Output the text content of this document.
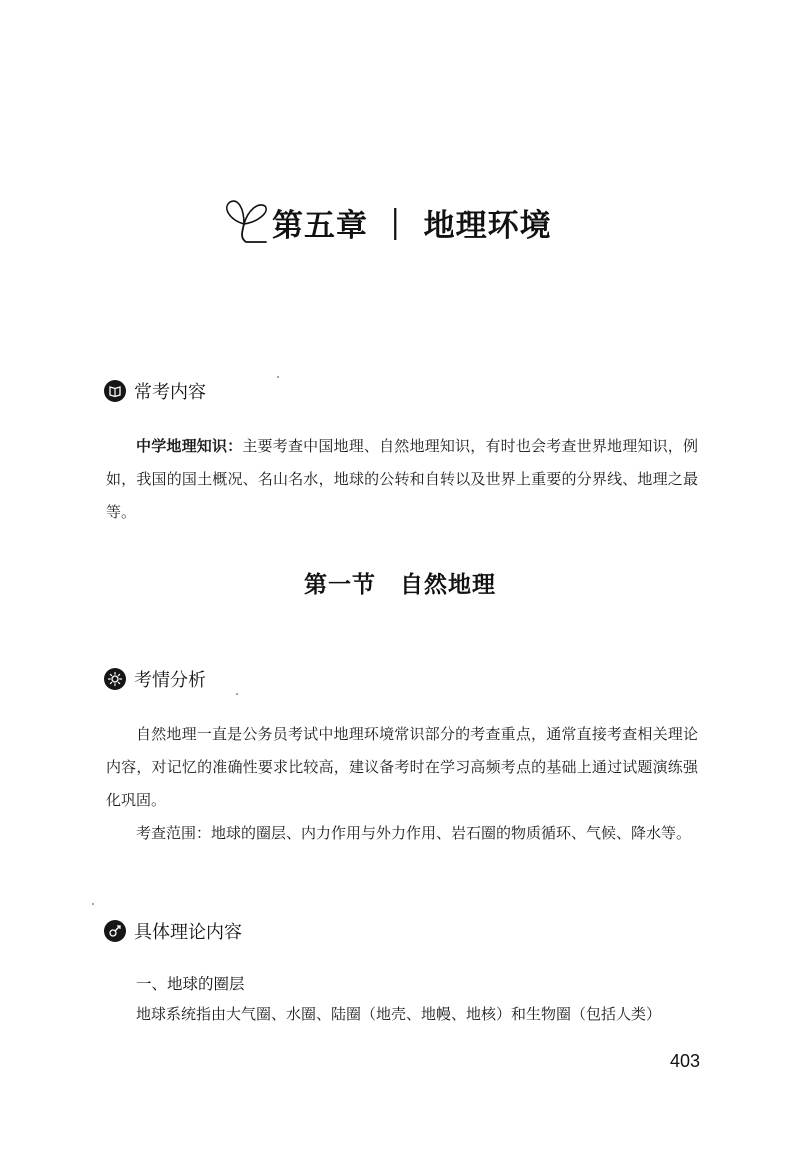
第五章 ｜ 地理环境
常考内容

中学地理知识：主要考查中国地理、自然地理知识，有时也会考查世界地理知识，例如，我国的国土概况、名山名水，地球的公转和自转以及世界上重要的分界线、地理之最等。

第一节　自然地理
考情分析

自然地理一直是公务员考试中地理环境常识部分的考查重点，通常直接考查相关理论内容，对记忆的准确性要求比较高，建议备考时在学习高频考点的基础上通过试题演练强化巩固。

考查范围：地球的圈层、内力作用与外力作用、岩石圈的物质循环、气候、降水等。

具体理论内容
一、地球的圈层

地球系统指由大气圈、水圈、陆圈（地壳、地幔、地核）和生物圈（包括人类）

403
